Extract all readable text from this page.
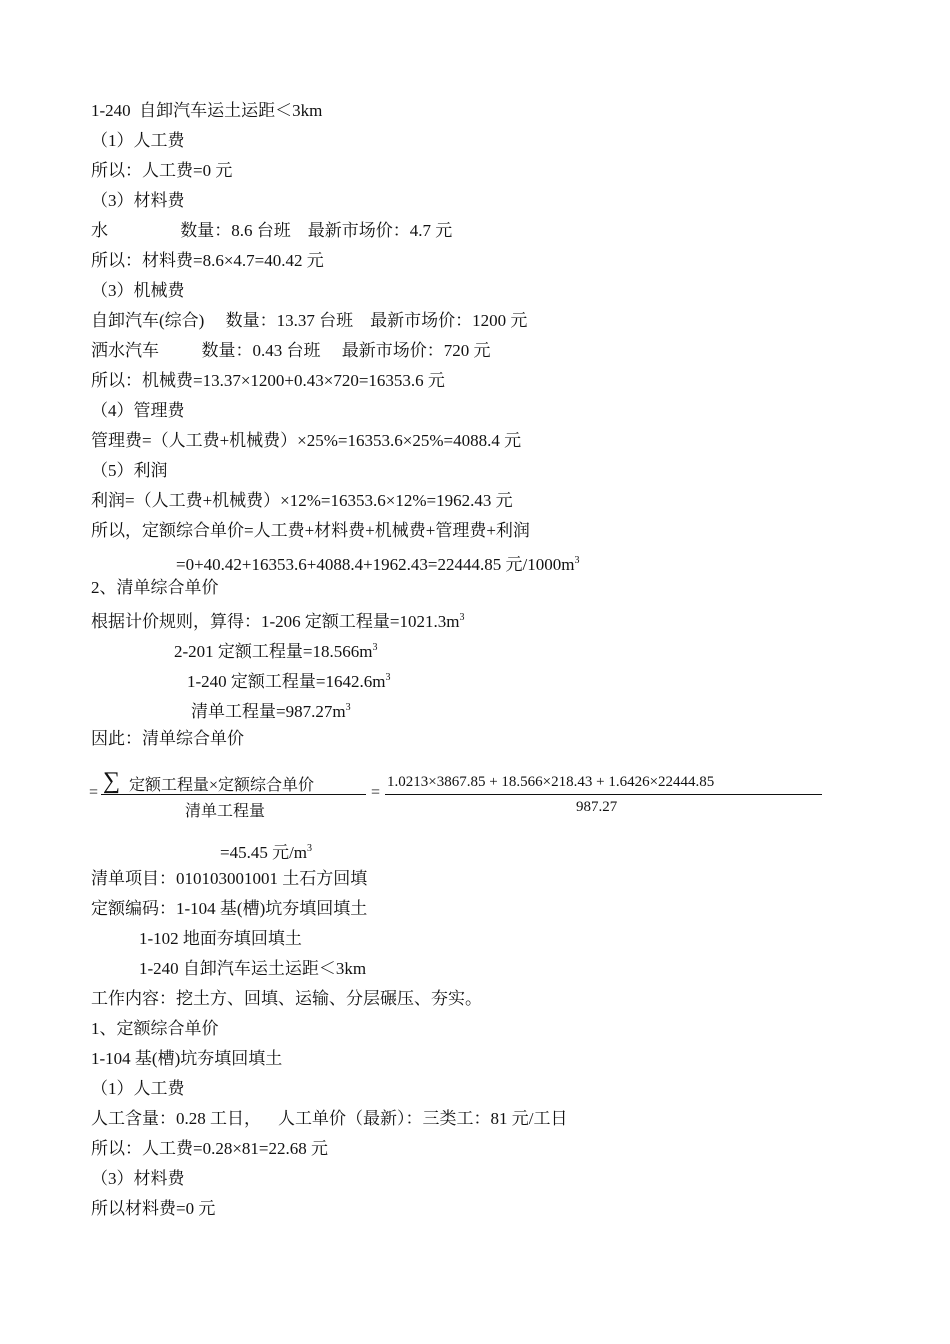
1-240  自卸汽车运土运距＜3km
（1）人工费
所以：人工费=0 元
（3）材料费
水                 数量：8.6 台班    最新市场价：4.7 元
所以：材料费=8.6×4.7=40.42 元
（3）机械费
自卸汽车(综合)     数量：13.37 台班    最新市场价：1200 元
洒水汽车          数量：0.43 台班     最新市场价：720 元
所以：机械费=13.37×1200+0.43×720=16353.6 元
（4）管理费
管理费=（人工费+机械费）×25%=16353.6×25%=4088.4 元
（5）利润
利润=（人工费+机械费）×12%=16353.6×12%=1962.43 元
所以，定额综合单价=人工费+材料费+机械费+管理费+利润
=0+40.42+16353.6+4088.4+1962.43=22444.85 元$/1000m^3$
2、清单综合单价
根据计价规则，算得：1-206 定额工程量$=1021.3m^3$
2-201 定额工程量$=18.566m^3$
1-240 定额工程量$=1642.6m^3$
清单工程量$=987.27m^3$
因此：清单综合单价
= ∑ 定额工程量×定额综合单价
清单工程量
=
1.0213×3867.85 + 18.566×218.43 + 1.6426×22444.85
987.27
=45.45 元$/m^3$
清单项目：010103001001 土石方回填
定额编码：1-104 基(槽)坑夯填回填土
1-102 地面夯填回填土
1-240 自卸汽车运土运距＜3km
工作内容：挖土方、回填、运输、分层碾压、夯实。
1、定额综合单价
1-104 基(槽)坑夯填回填土
（1）人工费
人工含量：0.28 工日，    人工单价（最新）：三类工：81 元/工日
所以：人工费=0.28×81=22.68 元
（3）材料费
所以材料费=0 元
